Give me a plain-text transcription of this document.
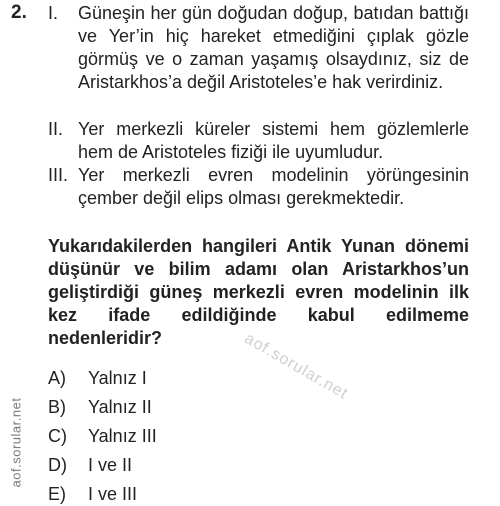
2. I. Güneşin her gün doğudan doğup, batıdan battığı ve Yer’in hiç hareket etmediğini çıplak gözle görmüş ve o zaman yaşamış olsaydınız, siz de Aristarkhos’a değil Aristoteles’e hak verirdiniz.
II. Yer merkezli küreler sistemi hem gözlemlerle hem de Aristoteles fiziği ile uyumludur.
III. Yer merkezli evren modelinin yörüngesinin çember değil elips olması gerekmektedir.
Yukarıdakilerden hangileri Antik Yunan dönemi düşünür ve bilim adamı olan Aristarkhos’un geliştirdiği güneş merkezli evren modelinin ilk kez ifade edildiğinde kabul edilmeme nedenleridir?
A) Yalnız I
B) Yalnız II
C) Yalnız III
D) I ve II
E) I ve III
aof.sorular.net
aof.sorular.net
